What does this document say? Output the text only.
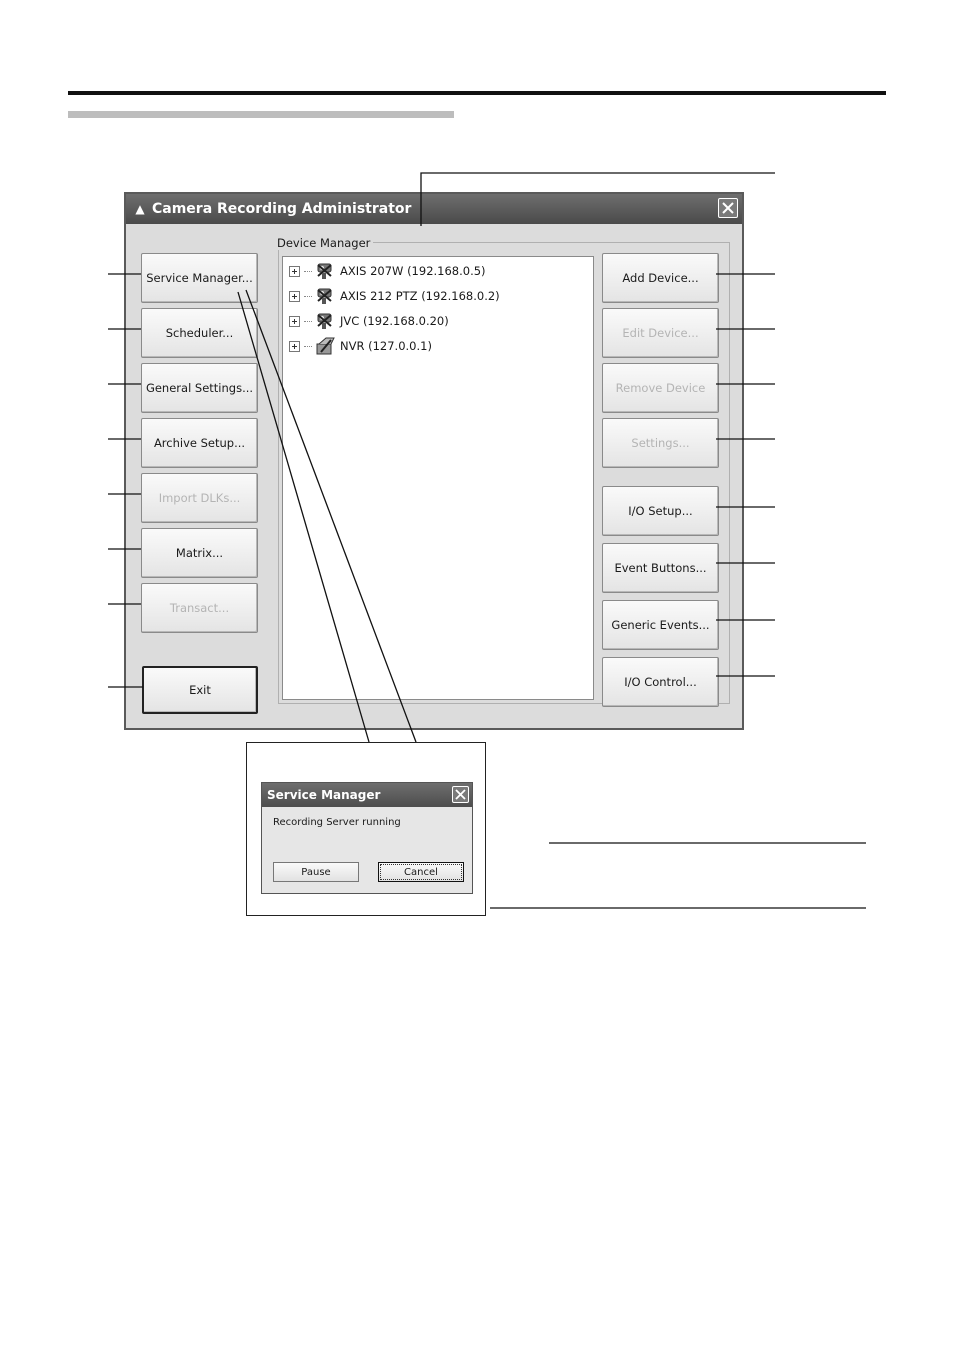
▲ Camera Recording Administrator
Service Manager...
Scheduler...
General Settings...
Archive Setup...
Import DLKs...
Matrix...
Transact...
Exit
Device Manager
AXIS 207W (192.168.0.5)
AXIS 212 PTZ (192.168.0.2)
JVC (192.168.0.20)
NVR (127.0.0.1)
Add Device...
Edit Device...
Remove Device
Settings...
I/O Setup...
Event Buttons...
Generic Events...
I/O Control...
Service Manager
Recording Server running
Pause	Cancel
